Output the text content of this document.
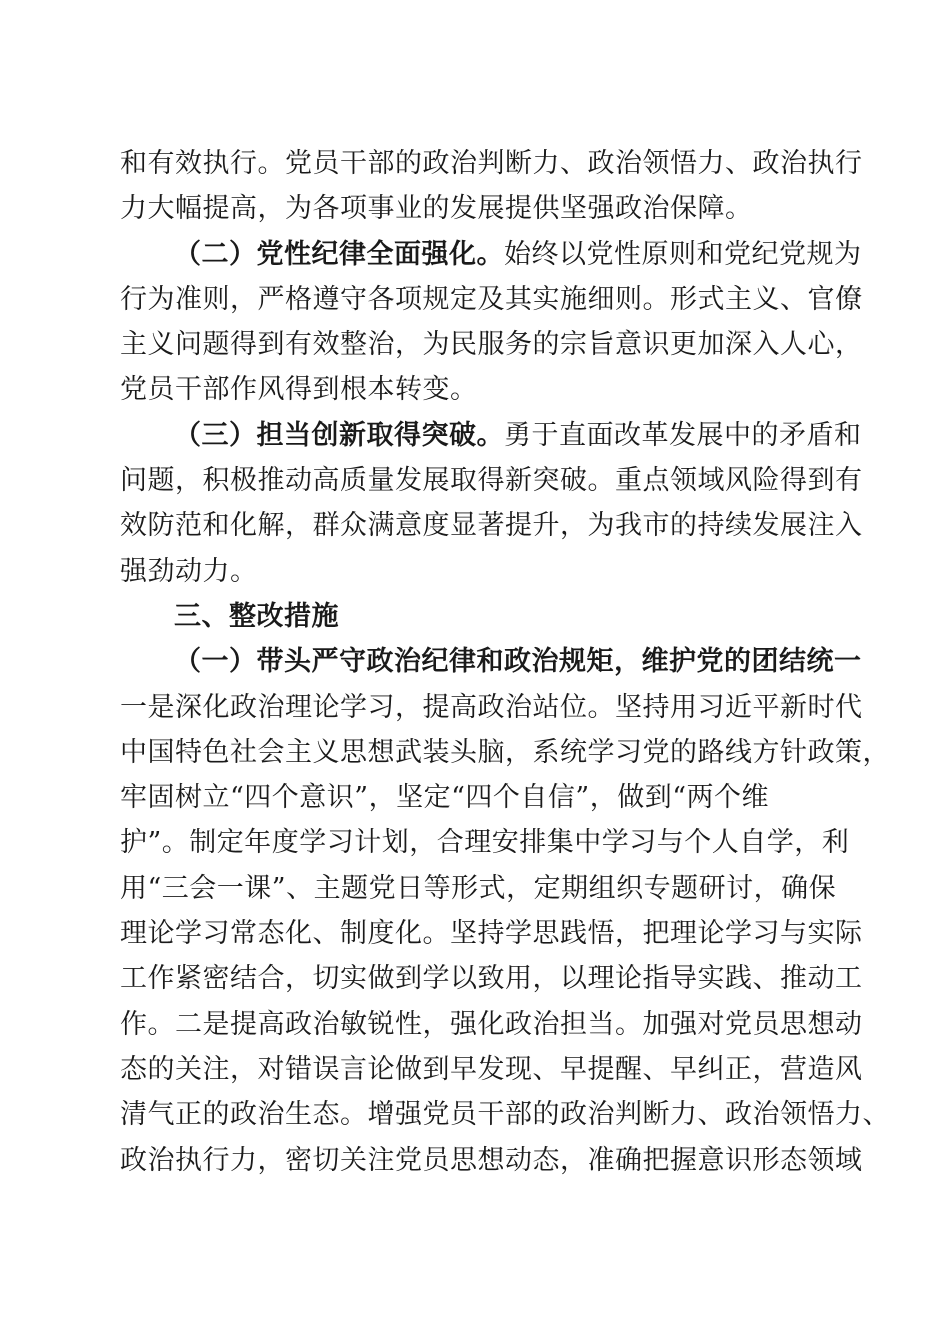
和有效执行。党员干部的政治判断力、政治领悟力、政治执行
力大幅提高，为各项事业的发展提供坚强政治保障。
（二）党性纪律全面强化。始终以党性原则和党纪党规为
行为准则，严格遵守各项规定及其实施细则。形式主义、官僚
主义问题得到有效整治，为民服务的宗旨意识更加深入人心，
党员干部作风得到根本转变。
（三）担当创新取得突破。勇于直面改革发展中的矛盾和
问题，积极推动高质量发展取得新突破。重点领域风险得到有
效防范和化解，群众满意度显著提升，为我市的持续发展注入
强劲动力。
三、整改措施
（一）带头严守政治纪律和政治规矩，维护党的团结统一
一是深化政治理论学习，提高政治站位。坚持用习近平新时代
中国特色社会主义思想武装头脑，系统学习党的路线方针政策，
牢固树立“四个意识”，坚定“四个自信”，做到“两个维
护”。制定年度学习计划，合理安排集中学习与个人自学，利
用“三会一课”、主题党日等形式，定期组织专题研讨，确保
理论学习常态化、制度化。坚持学思践悟，把理论学习与实际
工作紧密结合，切实做到学以致用，以理论指导实践、推动工
作。二是提高政治敏锐性，强化政治担当。加强对党员思想动
态的关注，对错误言论做到早发现、早提醒、早纠正，营造风
清气正的政治生态。增强党员干部的政治判断力、政治领悟力、
政治执行力，密切关注党员思想动态，准确把握意识形态领域
